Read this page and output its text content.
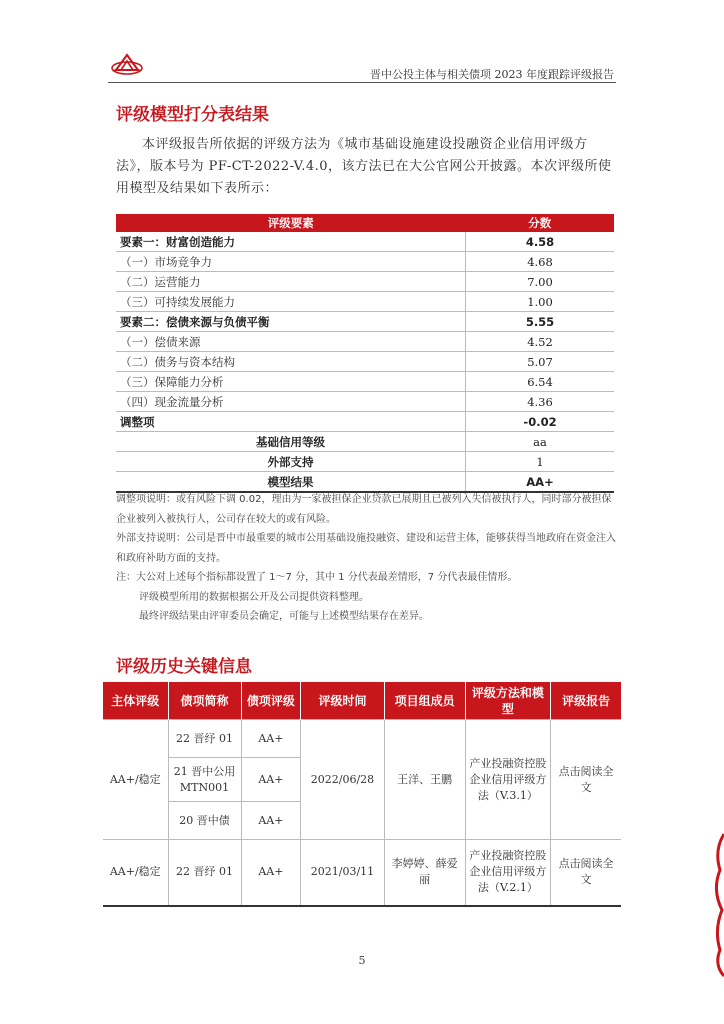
晋中公投主体与相关债项 2023 年度跟踪评级报告
评级模型打分表结果
本评级报告所依据的评级方法为《城市基础设施建设投融资企业信用评级方法》，版本号为 PF-CT-2022-V.4.0，该方法已在大公官网公开披露。本次评级所使用模型及结果如下表所示：
评级要素	分数
要素一：财富创造能力	4.58
（一）市场竞争力	4.68
（二）运营能力	7.00
（三）可持续发展能力	1.00
要素二：偿债来源与负债平衡	5.55
（一）偿债来源	4.52
（二）债务与资本结构	5.07
（三）保障能力分析	6.54
（四）现金流量分析	4.36
调整项	-0.02
基础信用等级	aa
外部支持	1
模型结果	AA+

调整项说明：或有风险下调 0.02，理由为一家被担保企业贷款已展期且已被列入失信被执行人，同时部分被担保企业被列入被执行人，公司存在较大的或有风险。

外部支持说明：公司是晋中市最重要的城市公用基础设施投融资、建设和运营主体，能够获得当地政府在资金注入和政府补助方面的支持。

注：大公对上述每个指标都设置了 1～7 分，其中 1 分代表最差情形，7 分代表最佳情形。

评级模型所用的数据根据公开及公司提供资料整理。

最终评级结果由评审委员会确定，可能与上述模型结果存在差异。

评级历史关键信息
主体评级	债项简称	债项评级	评级时间	项目组成员	评级方法和模型	评级报告
AA+/稳定	22 晋纾 01	AA+	2022/06/28	王洋、王鹏	产业投融资控股企业信用评级方法（V.3.1）	点击阅读全文
	21 晋中公用 MTN001	AA+				
	20 晋中债	AA+				
AA+/稳定	22 晋纾 01	AA+	2021/03/11	李婷婷、薛爱丽	产业投融资控股企业信用评级方法（V.2.1）	点击阅读全文
5
